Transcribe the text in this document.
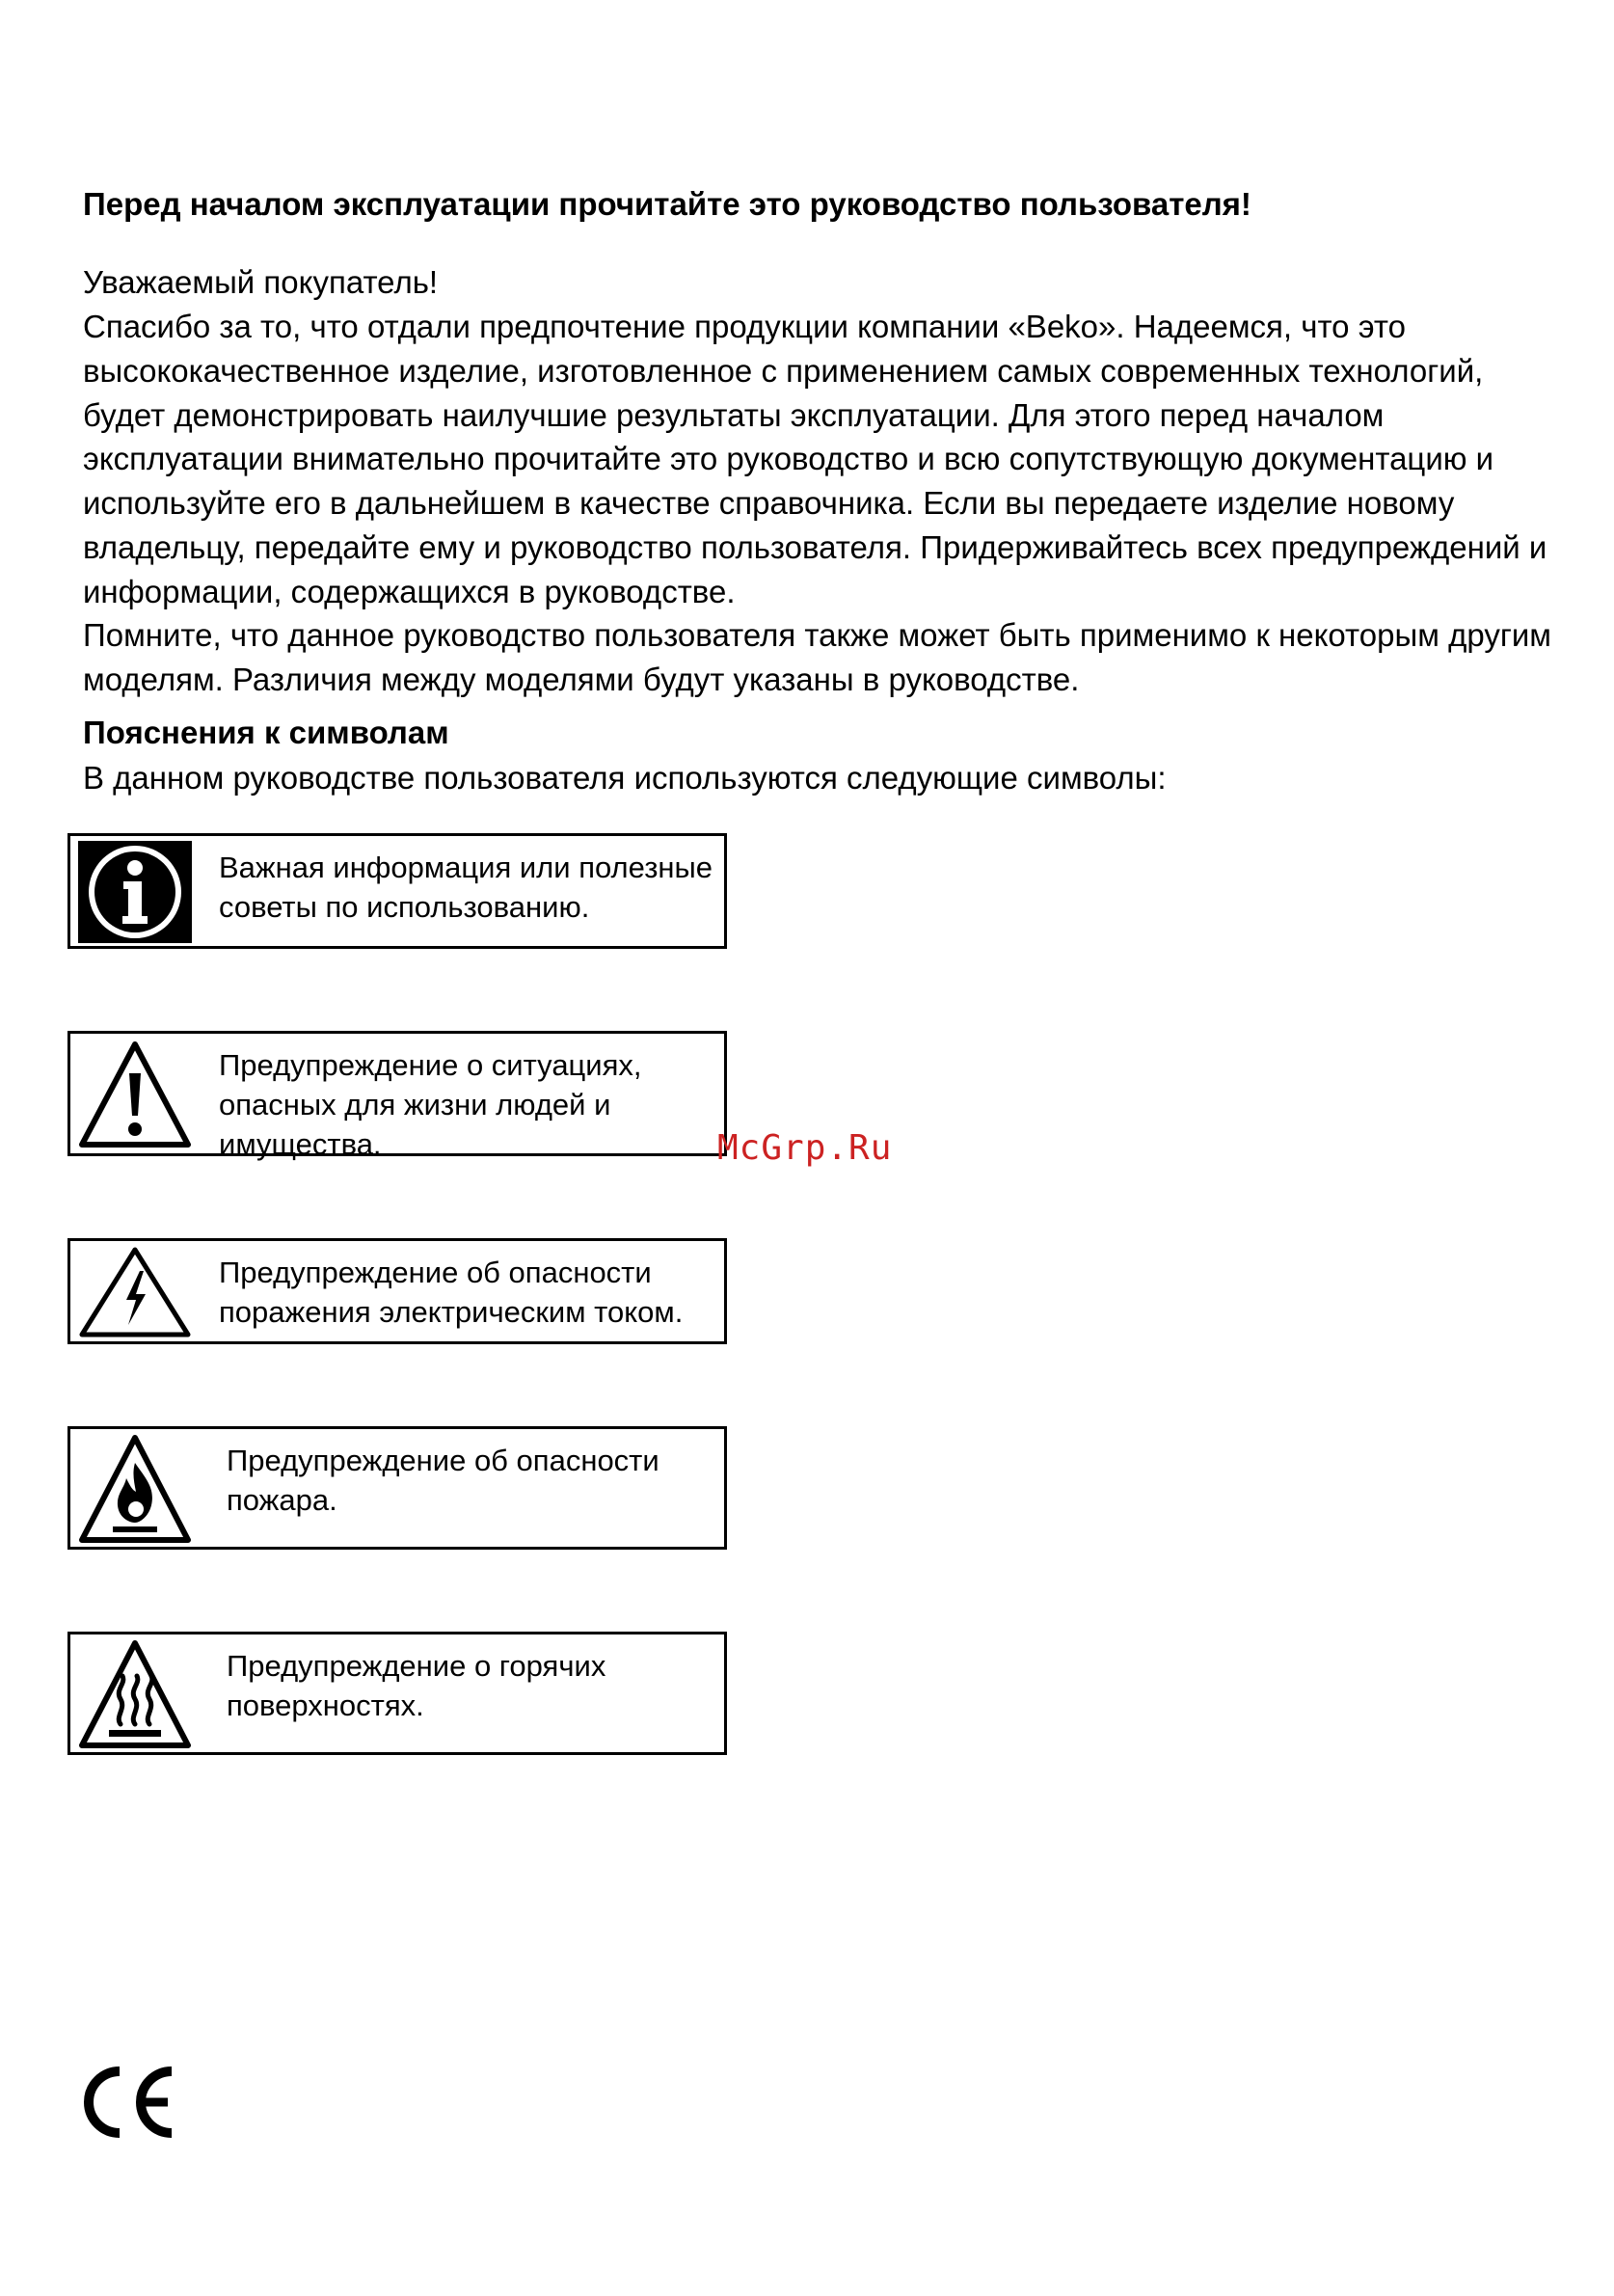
Перед началом эксплуатации прочитайте это руководство пользователя!

Уважаемый покупатель!

Спасибо за то, что отдали предпочтение продукции компании «Beko». Надеемся, что это высококачественное изделие, изготовленное с применением самых современных технологий, будет демонстрировать наилучшие результаты эксплуатации. Для этого перед началом эксплуатации внимательно прочитайте это руководство и всю сопутствующую документацию и используйте его в дальнейшем в качестве справочника. Если вы передаете изделие новому владельцу, передайте ему и руководство пользователя. Придерживайтесь всех предупреждений и информации, содержащихся в руководстве.

Помните, что данное руководство пользователя также может быть применимо к некоторым другим моделям. Различия между моделями будут указаны в руководстве.

Пояснения к символам
В данном руководстве пользователя используются следующие символы:
Важная информация или полезные советы по использованию.
Предупреждение о ситуациях, опасных для жизни людей и имущества.
Предупреждение об опасности поражения электрическим током.
Предупреждение об опасности пожара.
Предупреждение о горячих поверхностях.
McGrp.Ru
